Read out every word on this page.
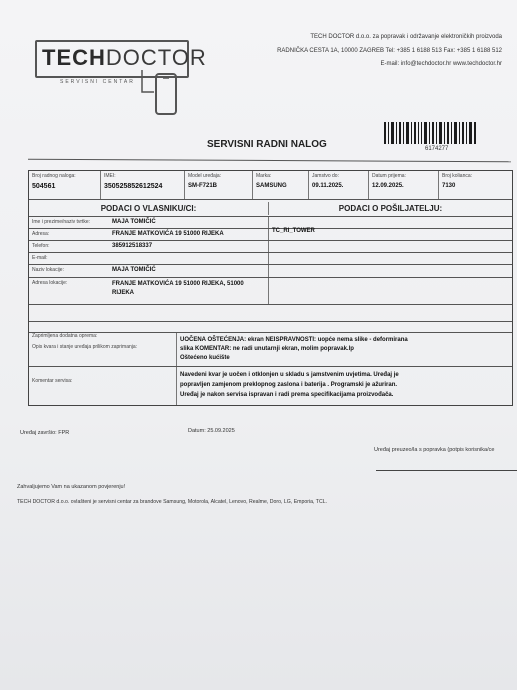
TECHDOCTOR
SERVISNI CENTAR
TECH DOCTOR d.o.o. za popravak i održavanje elektroničkih proizvoda
RADNIČKA CESTA 1A, 10000 ZAGREB Tel: +385 1 6188 513 Fax: +385 1 6188 512
E-mail: info@techdoctor.hr www.techdoctor.hr
SERVISNI RADNI NALOG	6174277
Broj radnog naloga:
504561
IMEI:
350525852612524
Model uređaja:
SM-F721B
Marka:
SAMSUNG
Jamstvo do:
09.11.2025.
Datum prijema:
12.09.2025.
Broj kolianca:
7130
PODACI O VLASNIKU/CI:	PODACI O POŠILJATELJU:
Ime i prezime/naziv tvrtke:	MAJA TOMIČIĆ
TC_RI_TOWER
Adresa:	FRANJE MATKOVIĆA 19 51000 RIJEKA
Telefon:	385912518337
E-mail:
Naziv lokacije:	MAJA TOMIČIĆ
Adresa lokacije:	FRANJE MATKOVIĆA 19 51000 RIJEKA, 51000 RIJEKA
Zaprimljena dodatna oprema:
Opis kvara i stanje uređaja prilikom zaprimanja:
UOČENA OŠTEĆENJA: ekran NEISPRAVNOSTI: uopće nema slike - deformirana
slika KOMENTAR: ne radi unutarnji ekran, molim popravak.lp
Oštećeno kućište
Komentar servisa:
Navedeni kvar je uočen i otklonjen u skladu s jamstvenim uvjetima. Uređaj je
popravljen zamjenom preklopnog zaslona i baterija . Programski je ažuriran.
Uređaj je nakon servisa ispravan i radi prema specifikacijama proizvođača.
Uređaj završio: FPR	Datum: 25.09.2025
Uređaj preuzeo/la s popravka (potpis korisnika/ce
Zahvaljujemo Vam na ukazanom povjerenju!
TECH DOCTOR d.o.o. ovlašteni je servisni centar za brandove Samsung, Motorola, Alcatel, Lenovo, Realme, Doro, LG, Emporia, TCL.
